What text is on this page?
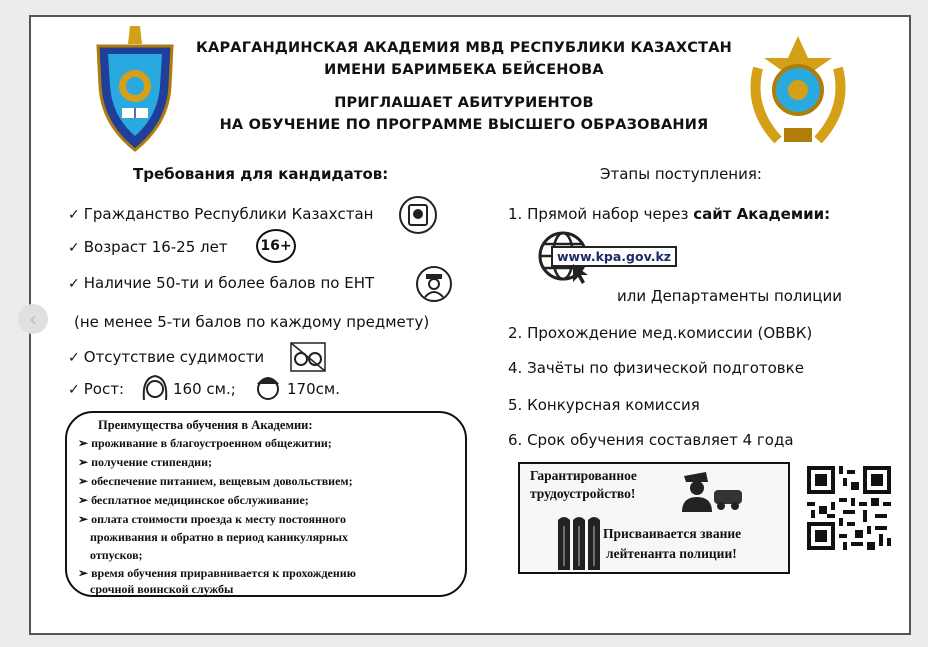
КАРАГАНДИНСКАЯ АКАДЕМИЯ МВД РЕСПУБЛИКИ КАЗАХСТАН
ИМЕНИ БАРИМБЕКА БЕЙСЕНОВА
ПРИГЛАШАЕТ АБИТУРИЕНТОВ
НА ОБУЧЕНИЕ ПО ПРОГРАММЕ ВЫСШЕГО ОБРАЗОВАНИЯ
Требования для кандидатов:
✓ Гражданство Республики Казахстан
✓ Возраст 16-25 лет	16+
✓ Наличие 50-ти и более балов по ЕНТ
(не менее 5-ти балов по каждому предмету)
✓ Отсутствие судимости
✓ Рост:	160 см.;	170см.
Преимущества обучения в Академии:
➢ проживание в благоустроенном общежитии;
➢ получение стипендии;
➢ обеспечение питанием, вещевым довольствием;
➢ бесплатное медицинское обслуживание;
➢ оплата стоимости проезда к месту постоянного
проживания и обратно в период каникулярных
отпусков;
➢ время обучения приравнивается к прохождению
срочной воинской службы
Этапы поступления:
1. Прямой набор через сайт Академии:
www.kpa.gov.kz
или Департаменты полиции
2. Прохождение мед.комиссии (ОВВК)
4. Зачёты по физической подготовке
5. Конкурсная комиссия
6. Срок обучения составляет 4 года
Гарантированное
трудоустройство!
Присваивается звание
лейтенанта полиции!
‹
